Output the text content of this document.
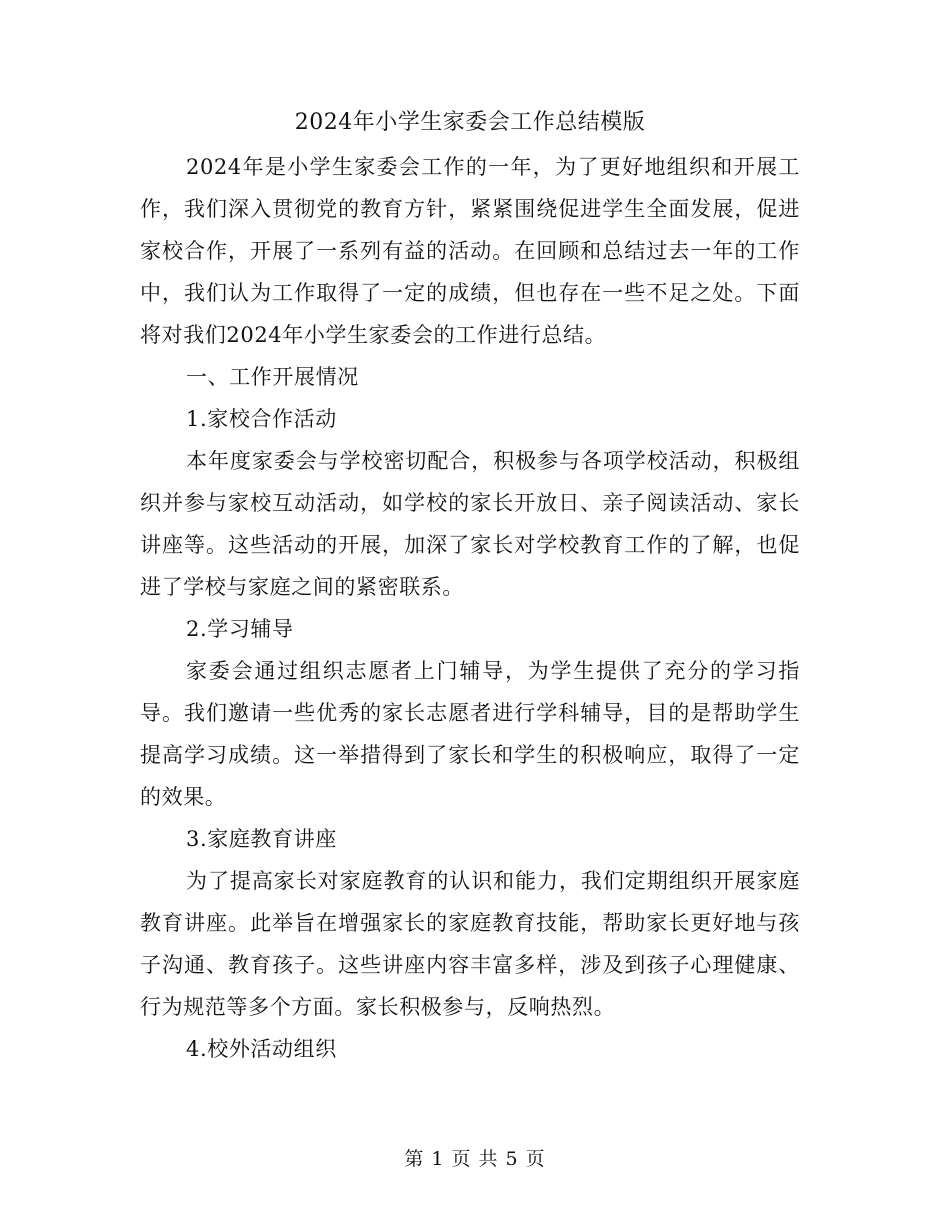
2024年小学生家委会工作总结模版

2024年是小学生家委会工作的一年，为了更好地组织和开展工作，我们深入贯彻党的教育方针，紧紧围绕促进学生全面发展，促进家校合作，开展了一系列有益的活动。在回顾和总结过去一年的工作中，我们认为工作取得了一定的成绩，但也存在一些不足之处。下面将对我们2024年小学生家委会的工作进行总结。

一、工作开展情况

1.家校合作活动

本年度家委会与学校密切配合，积极参与各项学校活动，积极组织并参与家校互动活动，如学校的家长开放日、亲子阅读活动、家长讲座等。这些活动的开展，加深了家长对学校教育工作的了解，也促进了学校与家庭之间的紧密联系。

2.学习辅导

家委会通过组织志愿者上门辅导，为学生提供了充分的学习指导。我们邀请一些优秀的家长志愿者进行学科辅导，目的是帮助学生提高学习成绩。这一举措得到了家长和学生的积极响应，取得了一定的效果。

3.家庭教育讲座

为了提高家长对家庭教育的认识和能力，我们定期组织开展家庭教育讲座。此举旨在增强家长的家庭教育技能，帮助家长更好地与孩子沟通、教育孩子。这些讲座内容丰富多样，涉及到孩子心理健康、行为规范等多个方面。家长积极参与，反响热烈。

4.校外活动组织

第 1 页 共 5 页
